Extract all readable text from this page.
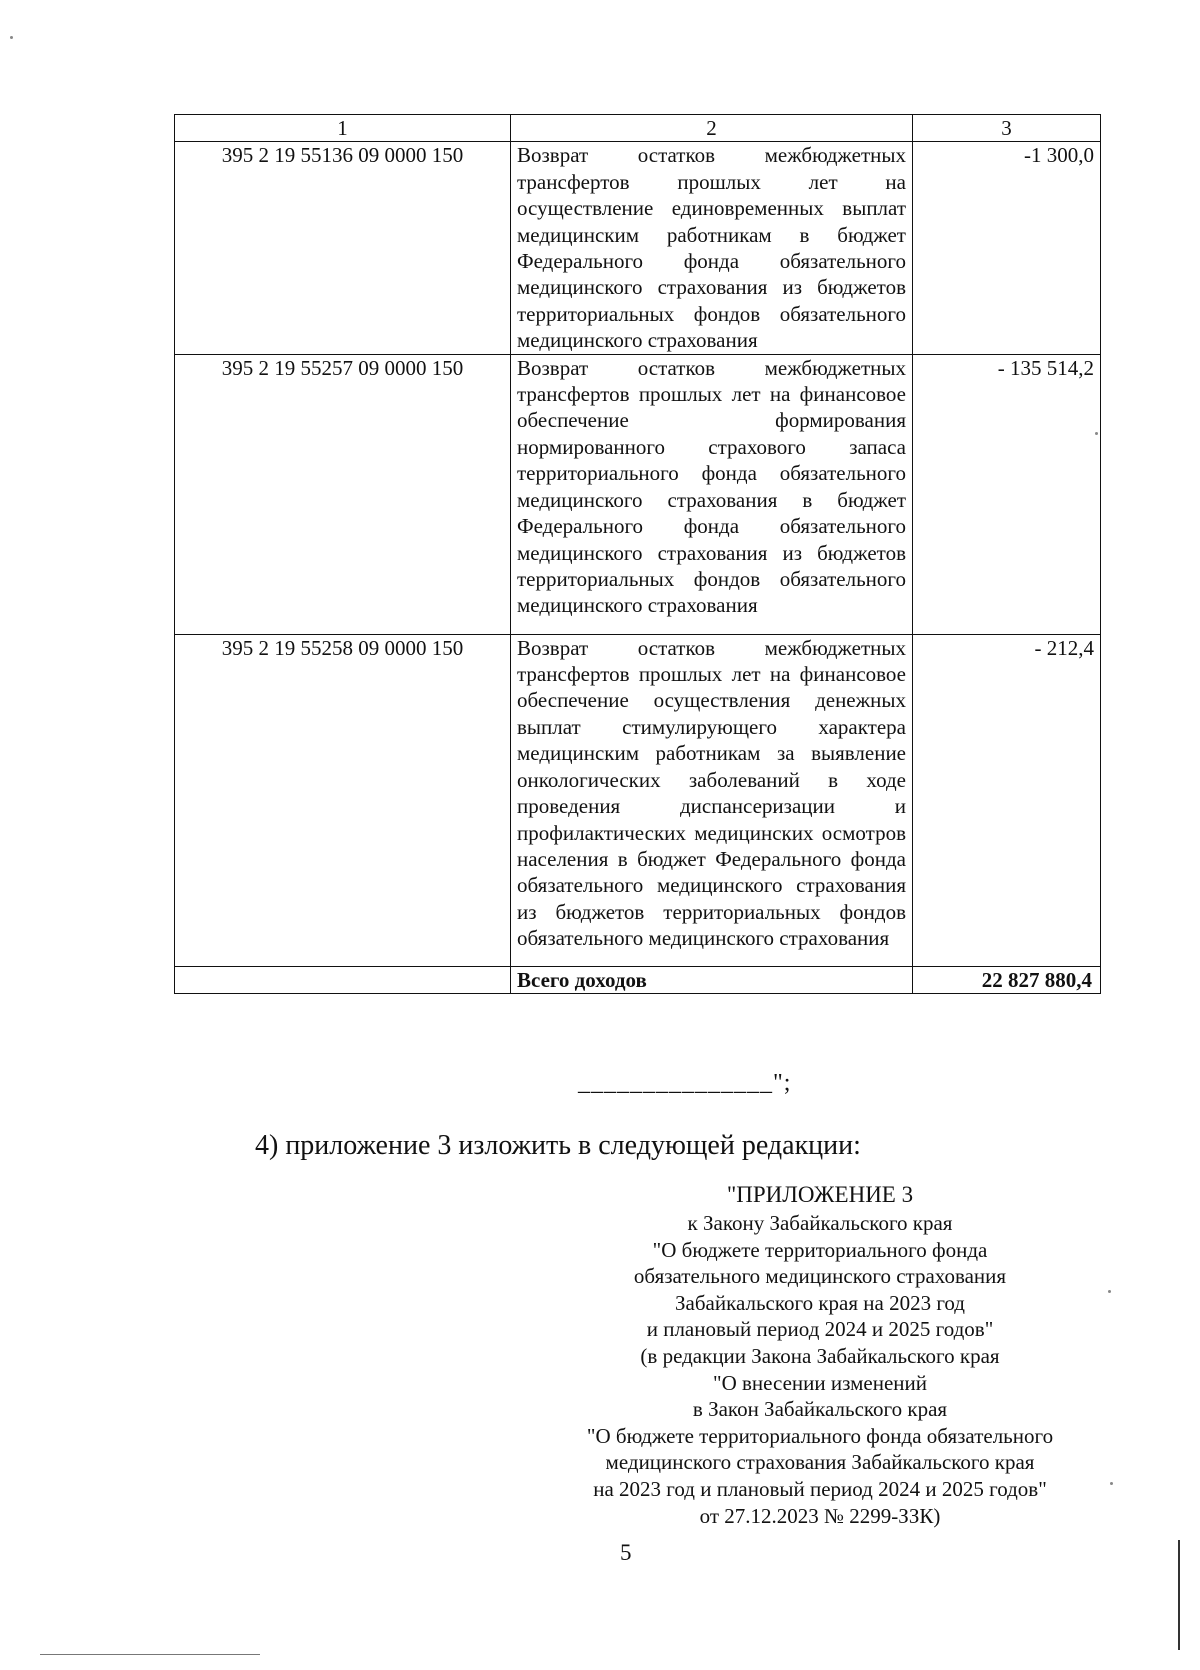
1	2	3
395 2 19 55136 09 0000 150	Возврат остатков межбюджетных трансфертов прошлых лет на осуществление единовременных выплат медицинским работникам в бюджет Федерального фонда обязательного медицинского страхования из бюджетов территориальных фондов обязательного медицинского страхования	-1 300,0
395 2 19 55257 09 0000 150	Возврат остатков межбюджетных трансфертов прошлых лет на финансовое обеспечение формирования нормированного страхового запаса территориального фонда обязательного медицинского страхования в бюджет Федерального фонда обязательного медицинского страхования из бюджетов территориальных фондов обязательного медицинского страхования	- 135 514,2
395 2 19 55258 09 0000 150	Возврат остатков межбюджетных трансфертов прошлых лет на финансовое обеспечение осуществления денежных выплат стимулирующего характера медицинским работникам за выявление онкологических заболеваний в ходе проведения диспансеризации и профилактических медицинских осмотров населения в бюджет Федерального фонда обязательного медицинского страхования из бюджетов территориальных фондов обязательного медицинского страхования	- 212,4
	Всего доходов	22 827 880,4
_______________";
4) приложение 3 изложить в следующей редакции:
"ПРИЛОЖЕНИЕ 3
к Закону Забайкальского края
"О бюджете территориального фонда
обязательного медицинского страхования
Забайкальского края на 2023 год
и плановый период 2024 и 2025 годов"
(в редакции Закона Забайкальского края
"О внесении изменений
в Закон Забайкальского края
"О бюджете территориального фонда обязательного
медицинского страхования Забайкальского края
на 2023 год и плановый период 2024 и 2025 годов"
от 27.12.2023 № 2299-ЗЗК)
5
